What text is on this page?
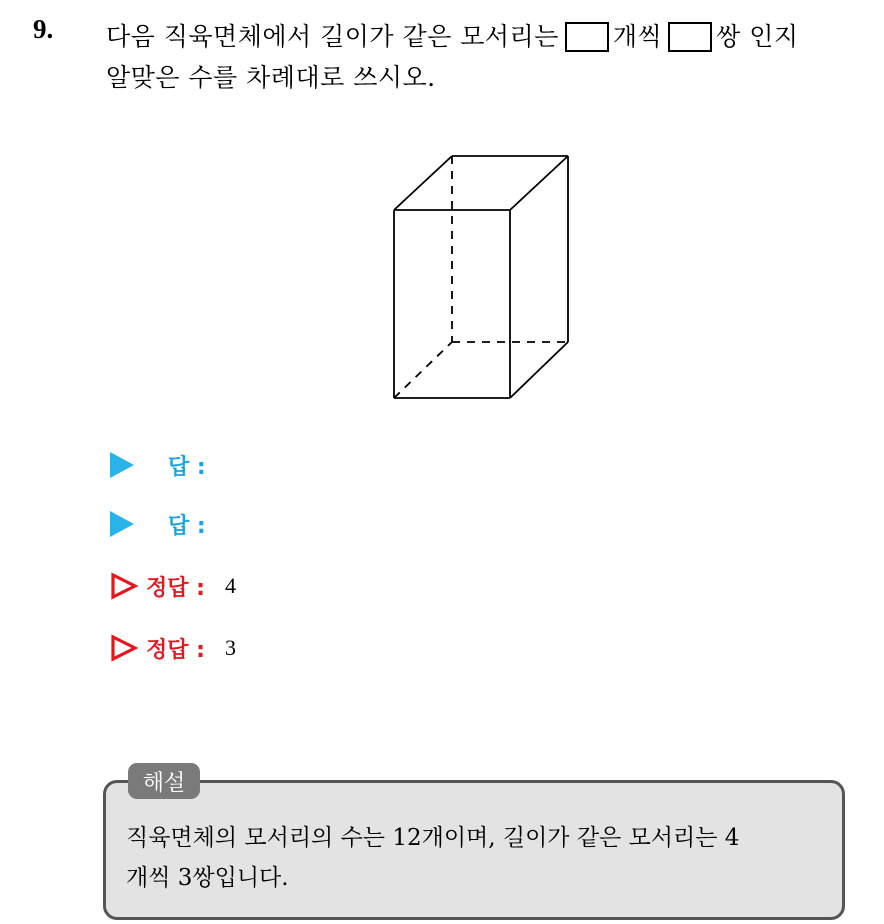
9. 다음 직육면체에서 길이가 같은 모서리는 개씩 쌍 인지
알맞은 수를 차례대로 쓰시오.
답 :
답 :
정답 : 4
정답 : 3
해설
직육면체의 모서리의 수는 12개이며, 길이가 같은 모서리는 4
개씩 3쌍입니다.
